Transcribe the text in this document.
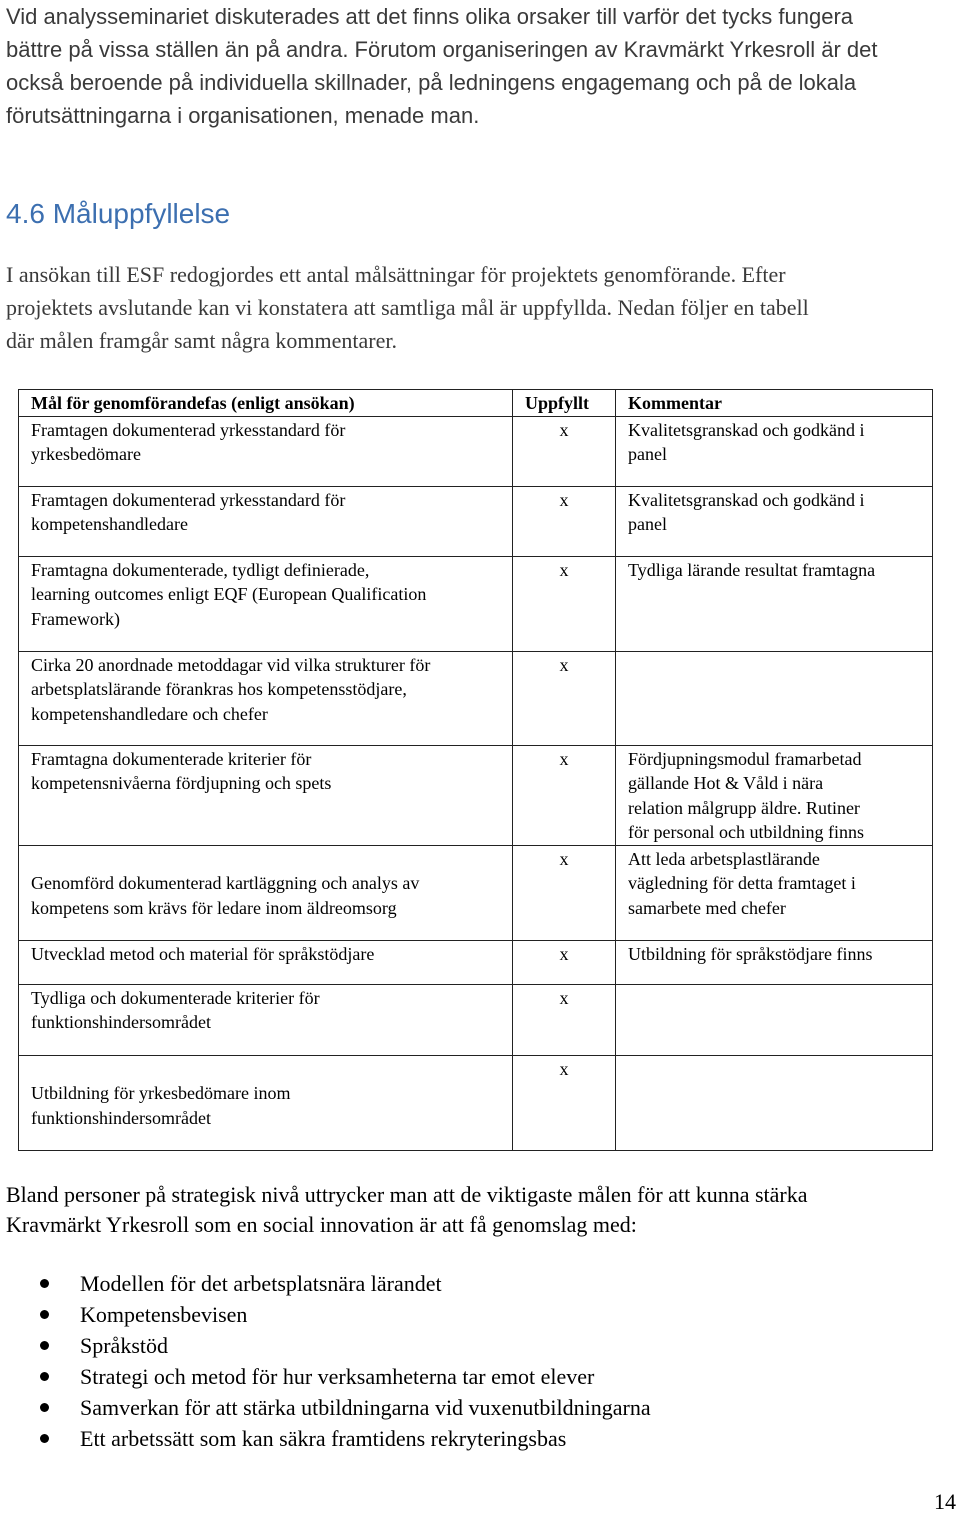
Vid analysseminariet diskuterades att det finns olika orsaker till varför det tycks fungera
bättre på vissa ställen än på andra. Förutom organiseringen av Kravmärkt Yrkesroll är det
också beroende på individuella skillnader, på ledningens engagemang och på de lokala
förutsättningarna i organisationen, menade man.

4.6 Måluppfyllelse
I ansökan till ESF redogjordes ett antal målsättningar för projektets genomförande. Efter
projektets avslutande kan vi konstatera att samtliga mål är uppfyllda. Nedan följer en tabell
där målen framgår samt några kommentarer.
Mål för genomförandefas (enligt ansökan)	Uppfyllt	Kommentar
Framtagen dokumenterad yrkesstandard för
yrkesbedömare	x	Kvalitetsgranskad och godkänd i
panel
Framtagen dokumenterad yrkesstandard för
kompetenshandledare	x	Kvalitetsgranskad och godkänd i
panel
Framtagna dokumenterade, tydligt definierade,
learning outcomes enligt EQF (European Qualification
Framework)	x	Tydliga lärande resultat framtagna
Cirka 20 anordnade metoddagar vid vilka strukturer för
arbetsplatslärande förankras hos kompetensstödjare,
kompetenshandledare och chefer	x	
Framtagna dokumenterade kriterier för
kompetensnivåerna fördjupning och spets	x	Fördjupningsmodul framarbetad
gällande Hot & Våld i nära
relation målgrupp äldre. Rutiner
för personal och utbildning finns

Genomförd dokumenterad kartläggning och analys av
kompetens som krävs för ledare inom äldreomsorg	x	Att leda arbetsplastlärande
vägledning för detta framtaget i
samarbete med chefer
Utvecklad metod och material för språkstödjare	x	Utbildning för språkstödjare finns
Tydliga och dokumenterade kriterier för
funktionshindersområdet	x	

Utbildning för yrkesbedömare inom
funktionshindersområdet	x	
Bland personer på strategisk nivå uttrycker man att de viktigaste målen för att kunna stärka
Kravmärkt Yrkesroll som en social innovation är att få genomslag med:
Modellen för det arbetsplatsnära lärandet
Kompetensbevisen
Språkstöd
Strategi och metod för hur verksamheterna tar emot elever
Samverkan för att stärka utbildningarna vid vuxenutbildningarna
Ett arbetssätt som kan säkra framtidens rekryteringsbas
14
